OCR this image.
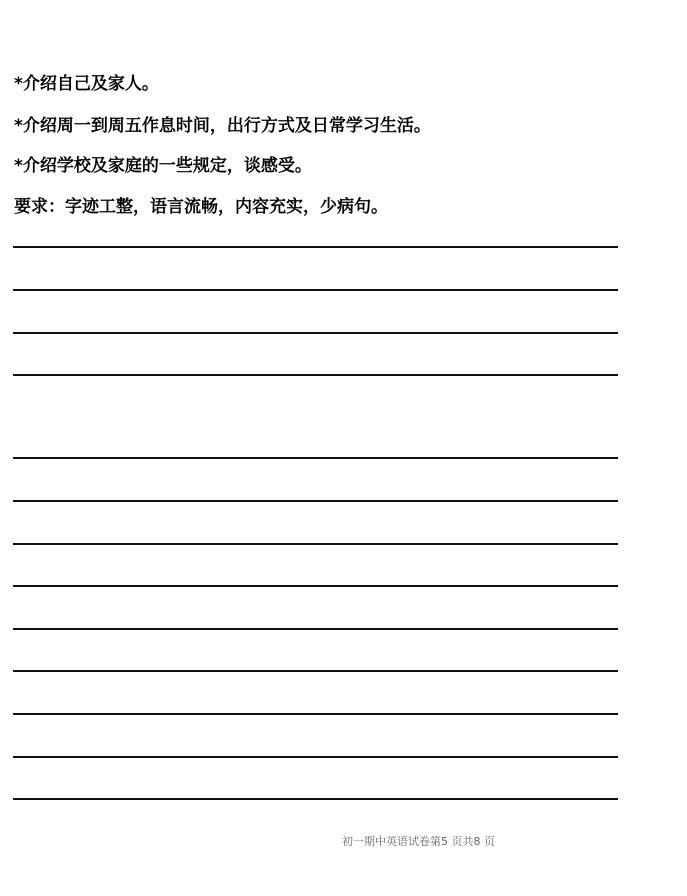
*介绍自己及家人。

*介绍周一到周五作息时间，出行方式及日常学习生活。

*介绍学校及家庭的一些规定，谈感受。

要求：字迹工整，语言流畅，内容充实，少病句。

初一期中英语试卷第5 页共8 页
